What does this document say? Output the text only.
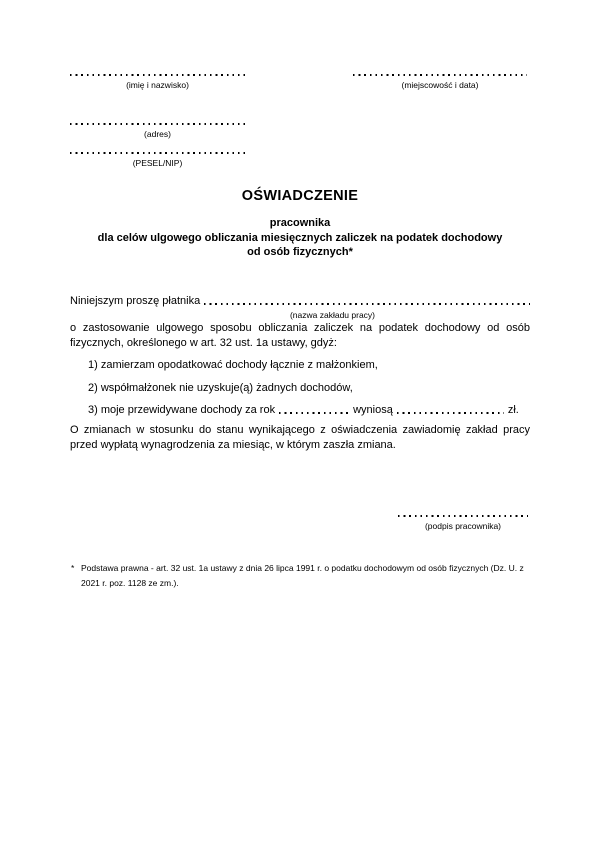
(imię i nazwisko)	(miejscowość i data)
(adres)
(PESEL/NIP)
OŚWIADCZENIE
pracownika
dla celów ulgowego obliczania miesięcznych zaliczek na podatek dochodowy
od osób fizycznych*
Niniejszym proszę płatnika
(nazwa zakładu pracy)
o zastosowanie ulgowego sposobu obliczania zaliczek na podatek dochodowy od osób fizycznych, określonego w art. 32 ust. 1a ustawy, gdyż:
1) zamierzam opodatkować dochody łącznie z małżonkiem,
2) współmałżonek nie uzyskuje(ą) żadnych dochodów,
3) moje przewidywane dochody za rok	wyniosą	zł.
O zmianach w stosunku do stanu wynikającego z oświadczenia zawiadomię zakład pracy przed wypłatą wynagrodzenia za miesiąc, w którym zaszła zmiana.
(podpis pracownika)
* Podstawa prawna - art. 32 ust. 1a ustawy z dnia 26 lipca 1991 r. o podatku dochodowym od osób fizycznych (Dz. U. z 2021 r. poz. 1128 ze zm.).
